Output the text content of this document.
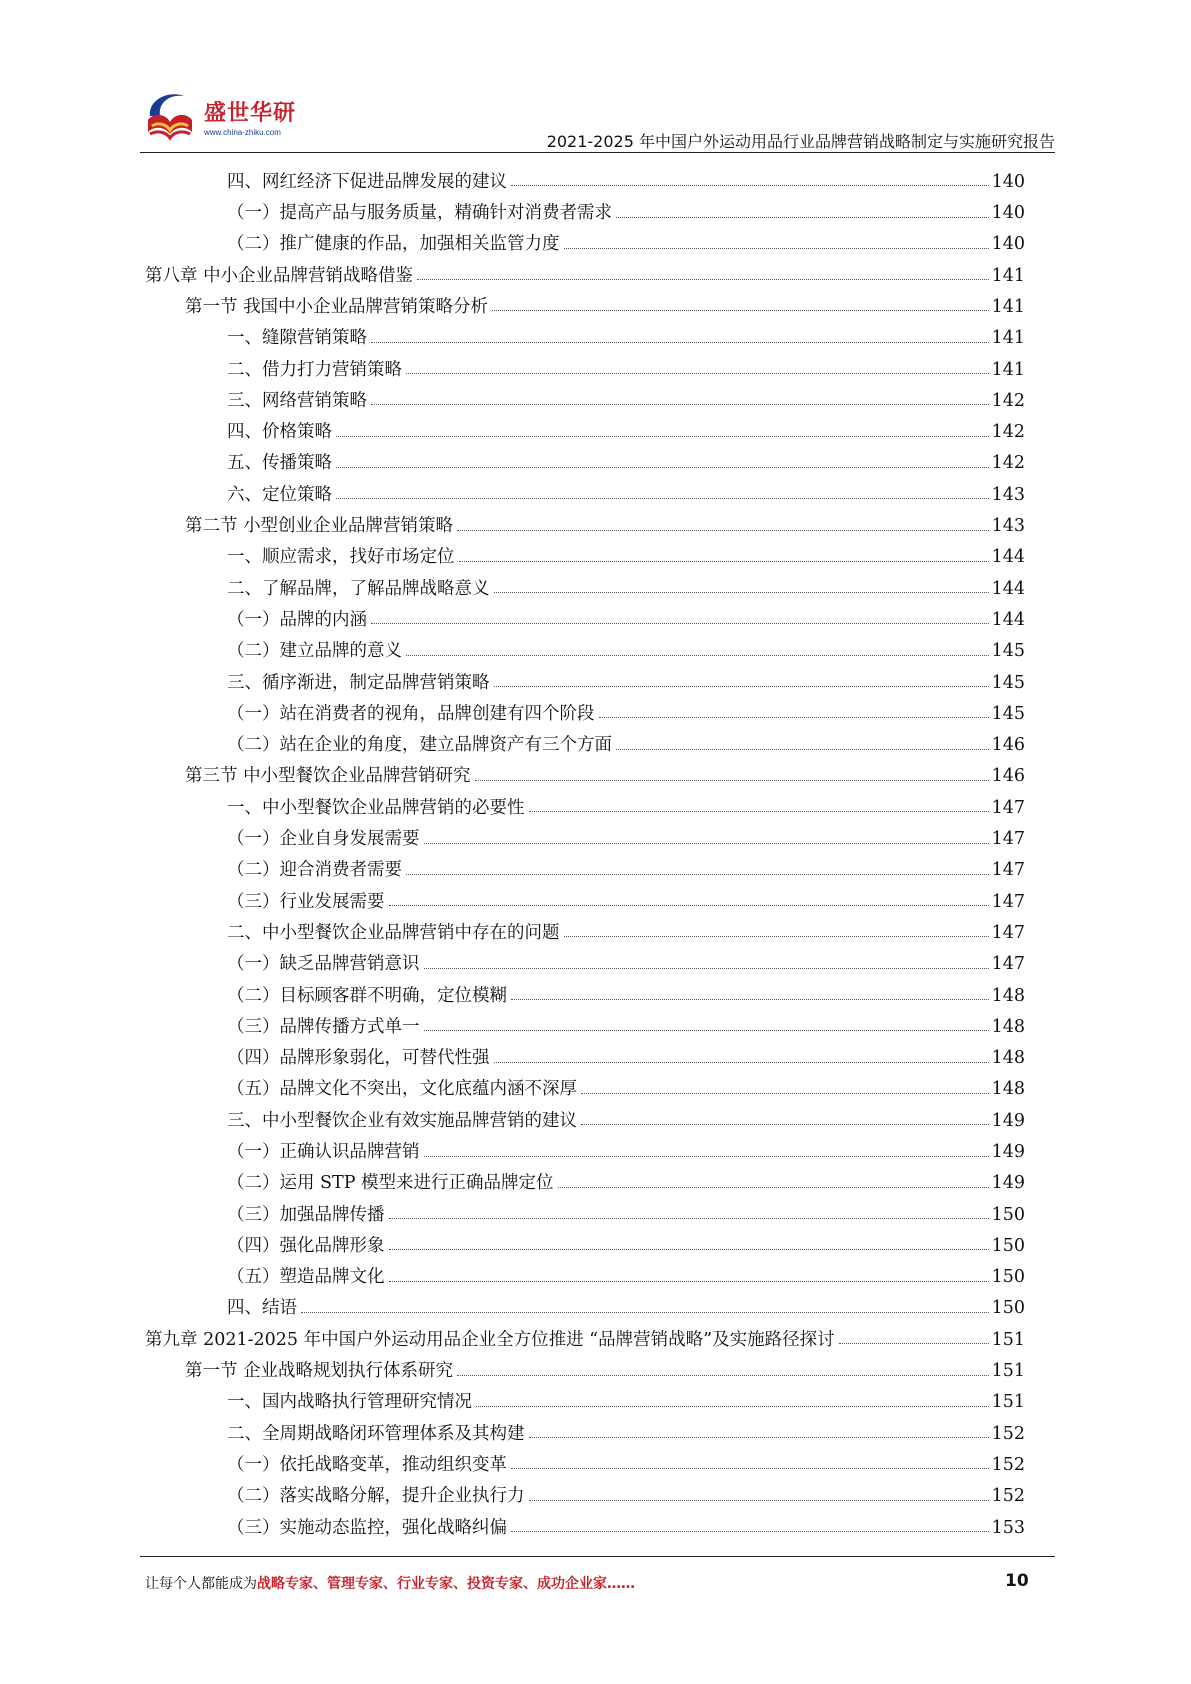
盛世华研
www.china-zhiku.com	2021-2025 年中国户外运动用品行业品牌营销战略制定与实施研究报告
四、网红经济下促进品牌发展的建议	140
（一）提高产品与服务质量，精确针对消费者需求	140
（二）推广健康的作品，加强相关监管力度	140
第八章 中小企业品牌营销战略借鉴	141
第一节 我国中小企业品牌营销策略分析	141
一、缝隙营销策略	141
二、借力打力营销策略	141
三、网络营销策略	142
四、价格策略	142
五、传播策略	142
六、定位策略	143
第二节 小型创业企业品牌营销策略	143
一、顺应需求，找好市场定位	144
二、了解品牌，了解品牌战略意义	144
（一）品牌的内涵	144
（二）建立品牌的意义	145
三、循序渐进，制定品牌营销策略	145
（一）站在消费者的视角，品牌创建有四个阶段	145
（二）站在企业的角度，建立品牌资产有三个方面	146
第三节 中小型餐饮企业品牌营销研究	146
一、中小型餐饮企业品牌营销的必要性	147
（一）企业自身发展需要	147
（二）迎合消费者需要	147
（三）行业发展需要	147
二、中小型餐饮企业品牌营销中存在的问题	147
（一）缺乏品牌营销意识	147
（二）目标顾客群不明确，定位模糊	148
（三）品牌传播方式单一	148
（四）品牌形象弱化，可替代性强	148
（五）品牌文化不突出，文化底蕴内涵不深厚	148
三、中小型餐饮企业有效实施品牌营销的建议	149
（一）正确认识品牌营销	149
（二）运用 STP 模型来进行正确品牌定位	149
（三）加强品牌传播	150
（四）强化品牌形象	150
（五）塑造品牌文化	150
四、结语	150
第九章 2021-2025 年中国户外运动用品企业全方位推进 “品牌营销战略”及实施路径探讨	151
第一节 企业战略规划执行体系研究	151
一、国内战略执行管理研究情况	151
二、全周期战略闭环管理体系及其构建	152
（一）依托战略变革，推动组织变革	152
（二）落实战略分解，提升企业执行力	152
（三）实施动态监控，强化战略纠偏	153
让每个人都能成为战略专家、管理专家、行业专家、投资专家、成功企业家……	10
